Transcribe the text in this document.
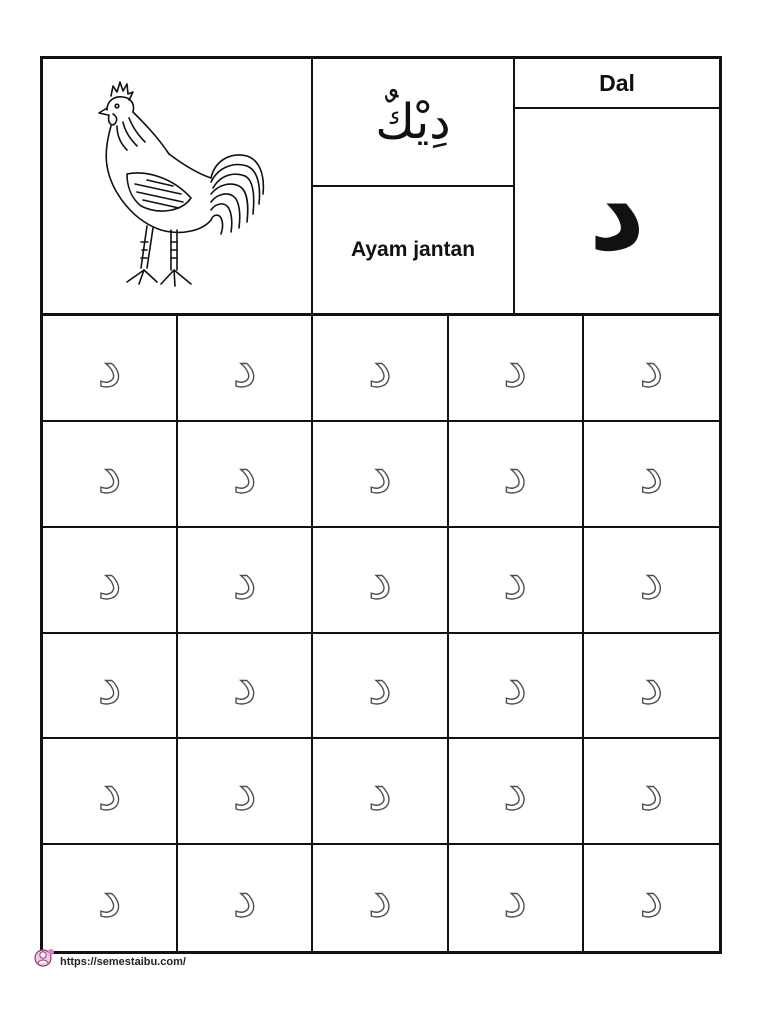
دِيْكٌ
Ayam jantan
Dal
د
د د د د د
د د د د د
د د د د د
د د د د د
د د د د د
د د د د د
https://semestaibu.com/
